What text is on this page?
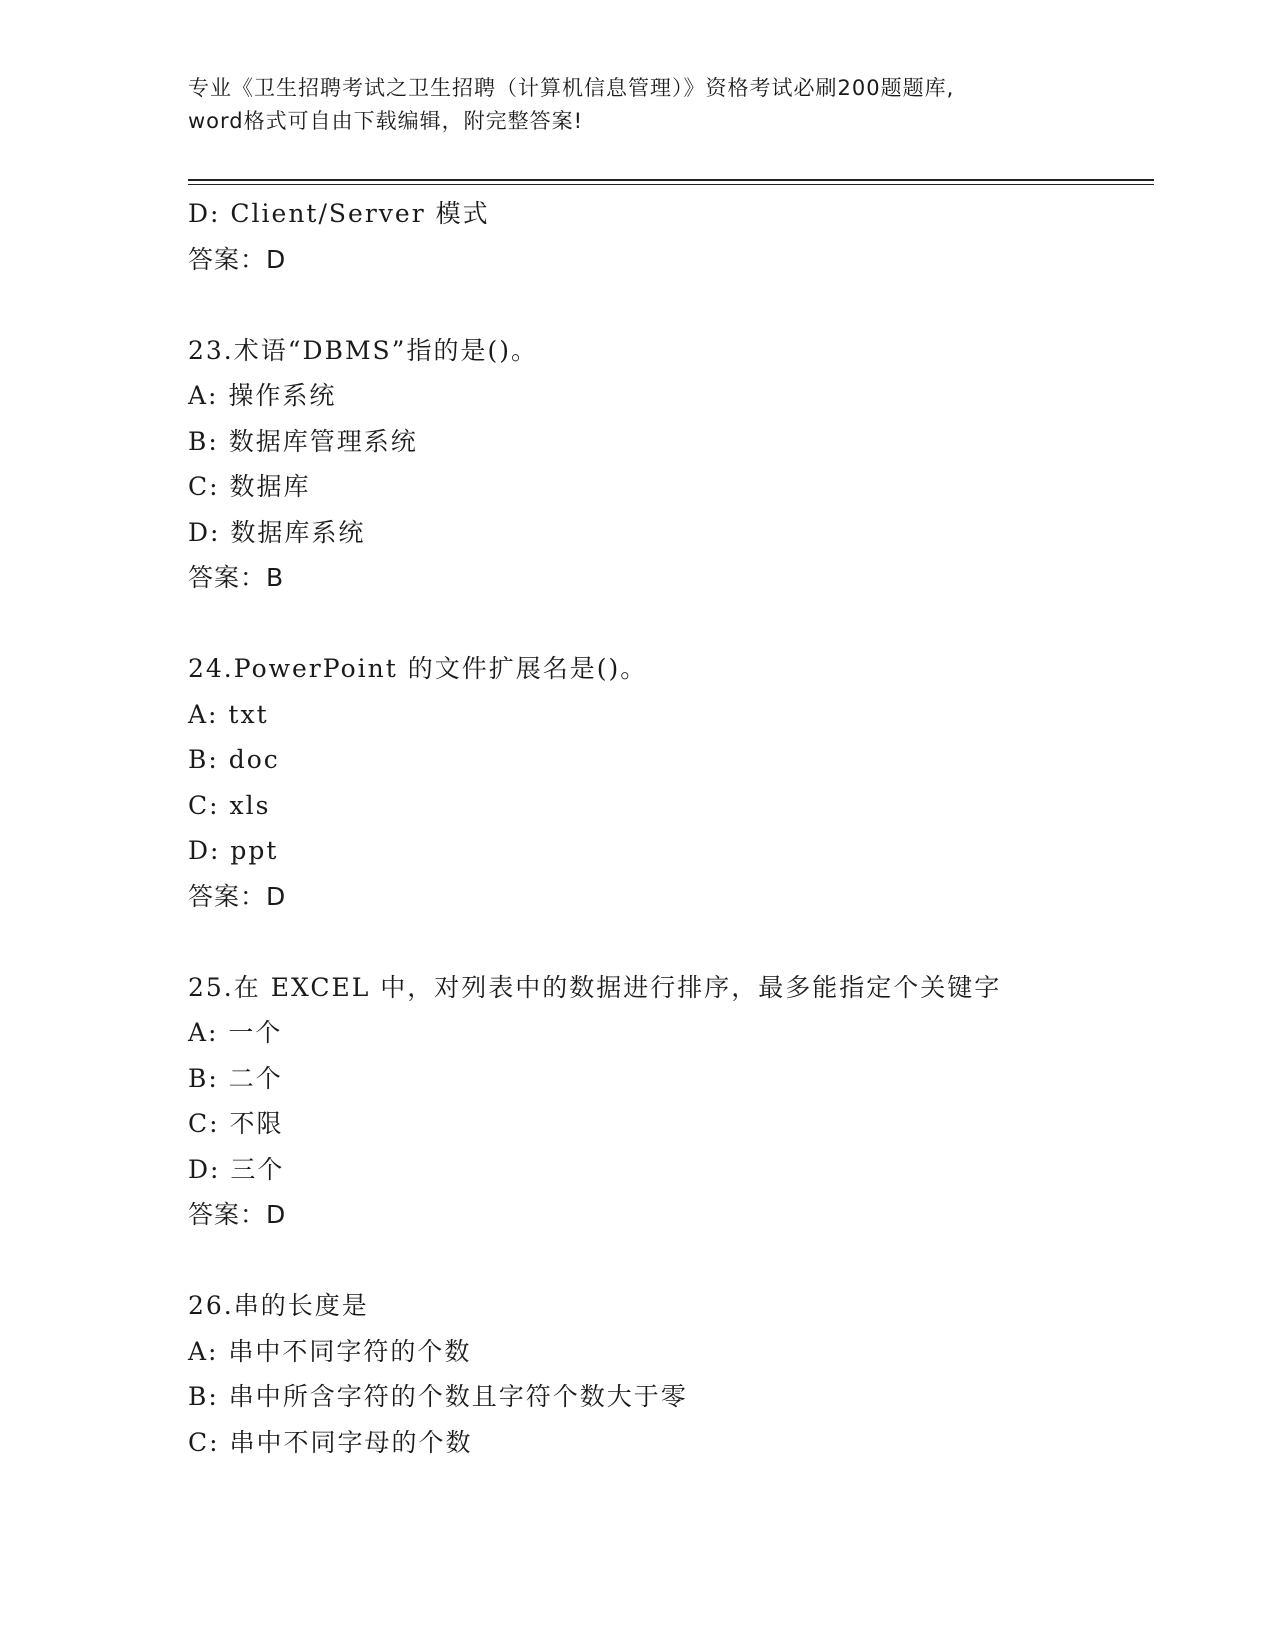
专业《卫生招聘考试之卫生招聘（计算机信息管理）》资格考试必刷200题题库,
word格式可自由下载编辑，附完整答案!
D: Client/Server 模式
答案：D
23.术语“DBMS”指的是()。
A: 操作系统
B: 数据库管理系统
C: 数据库
D: 数据库系统
答案：B
24.PowerPoint 的文件扩展名是()。
A: txt
B: doc
C: xls
D: ppt
答案：D
25.在 EXCEL 中，对列表中的数据进行排序，最多能指定个关键字
A: 一个
B: 二个
C: 不限
D: 三个
答案：D
26.串的长度是
A: 串中不同字符的个数
B: 串中所含字符的个数且字符个数大于零
C: 串中不同字母的个数
